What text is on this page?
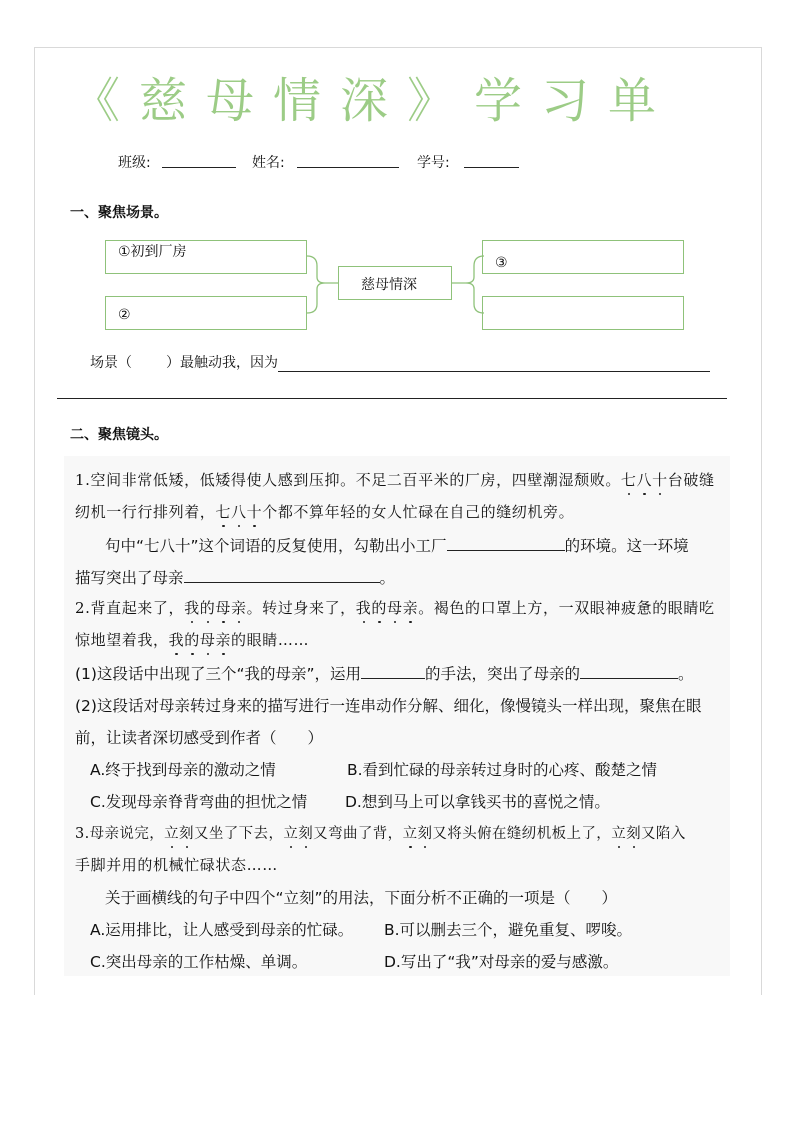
《慈母情深》学习单
班级:	姓名:	学号:
一、聚焦场景。
①初到厂房
②
慈母情深
③
场景（ ）最触动我，因为
二、聚焦镜头。
1.空间非常低矮，低矮得使人感到压抑。不足二百平米的厂房，四壁潮湿颓败。七八十台破缝
纫机一行行排列着，七八十个都不算年轻的女人忙碌在自己的缝纫机旁。
句中“七八十”这个词语的反复使用，勾勒出小工厂	的环境。这一环境
描写突出了母亲	。
2.背直起来了，我的母亲。转过身来了，我的母亲。褐色的口罩上方，一双眼神疲惫的眼睛吃
惊地望着我，我的母亲的眼睛……
(1)这段话中出现了三个“我的母亲”，运用	的手法，突出了母亲的	。
(2)这段话对母亲转过身来的描写进行一连串动作分解、细化，像慢镜头一样出现，聚焦在眼
前，让读者深切感受到作者（　　）
A.终于找到母亲的激动之情	B.看到忙碌的母亲转过身时的心疼、酸楚之情
C.发现母亲脊背弯曲的担忧之情 D.想到马上可以拿钱买书的喜悦之情。
3.母亲说完，立刻又坐了下去，立刻又弯曲了背，立刻又将头俯在缝纫机板上了，立刻又陷入
手脚并用的机械忙碌状态……
关于画横线的句子中四个“立刻”的用法，下面分析不正确的一项是（　　）
A.运用排比，让人感受到母亲的忙碌。 B.可以删去三个，避免重复、啰唆。
C.突出母亲的工作枯燥、单调。	D.写出了“我”对母亲的爱与感激。
